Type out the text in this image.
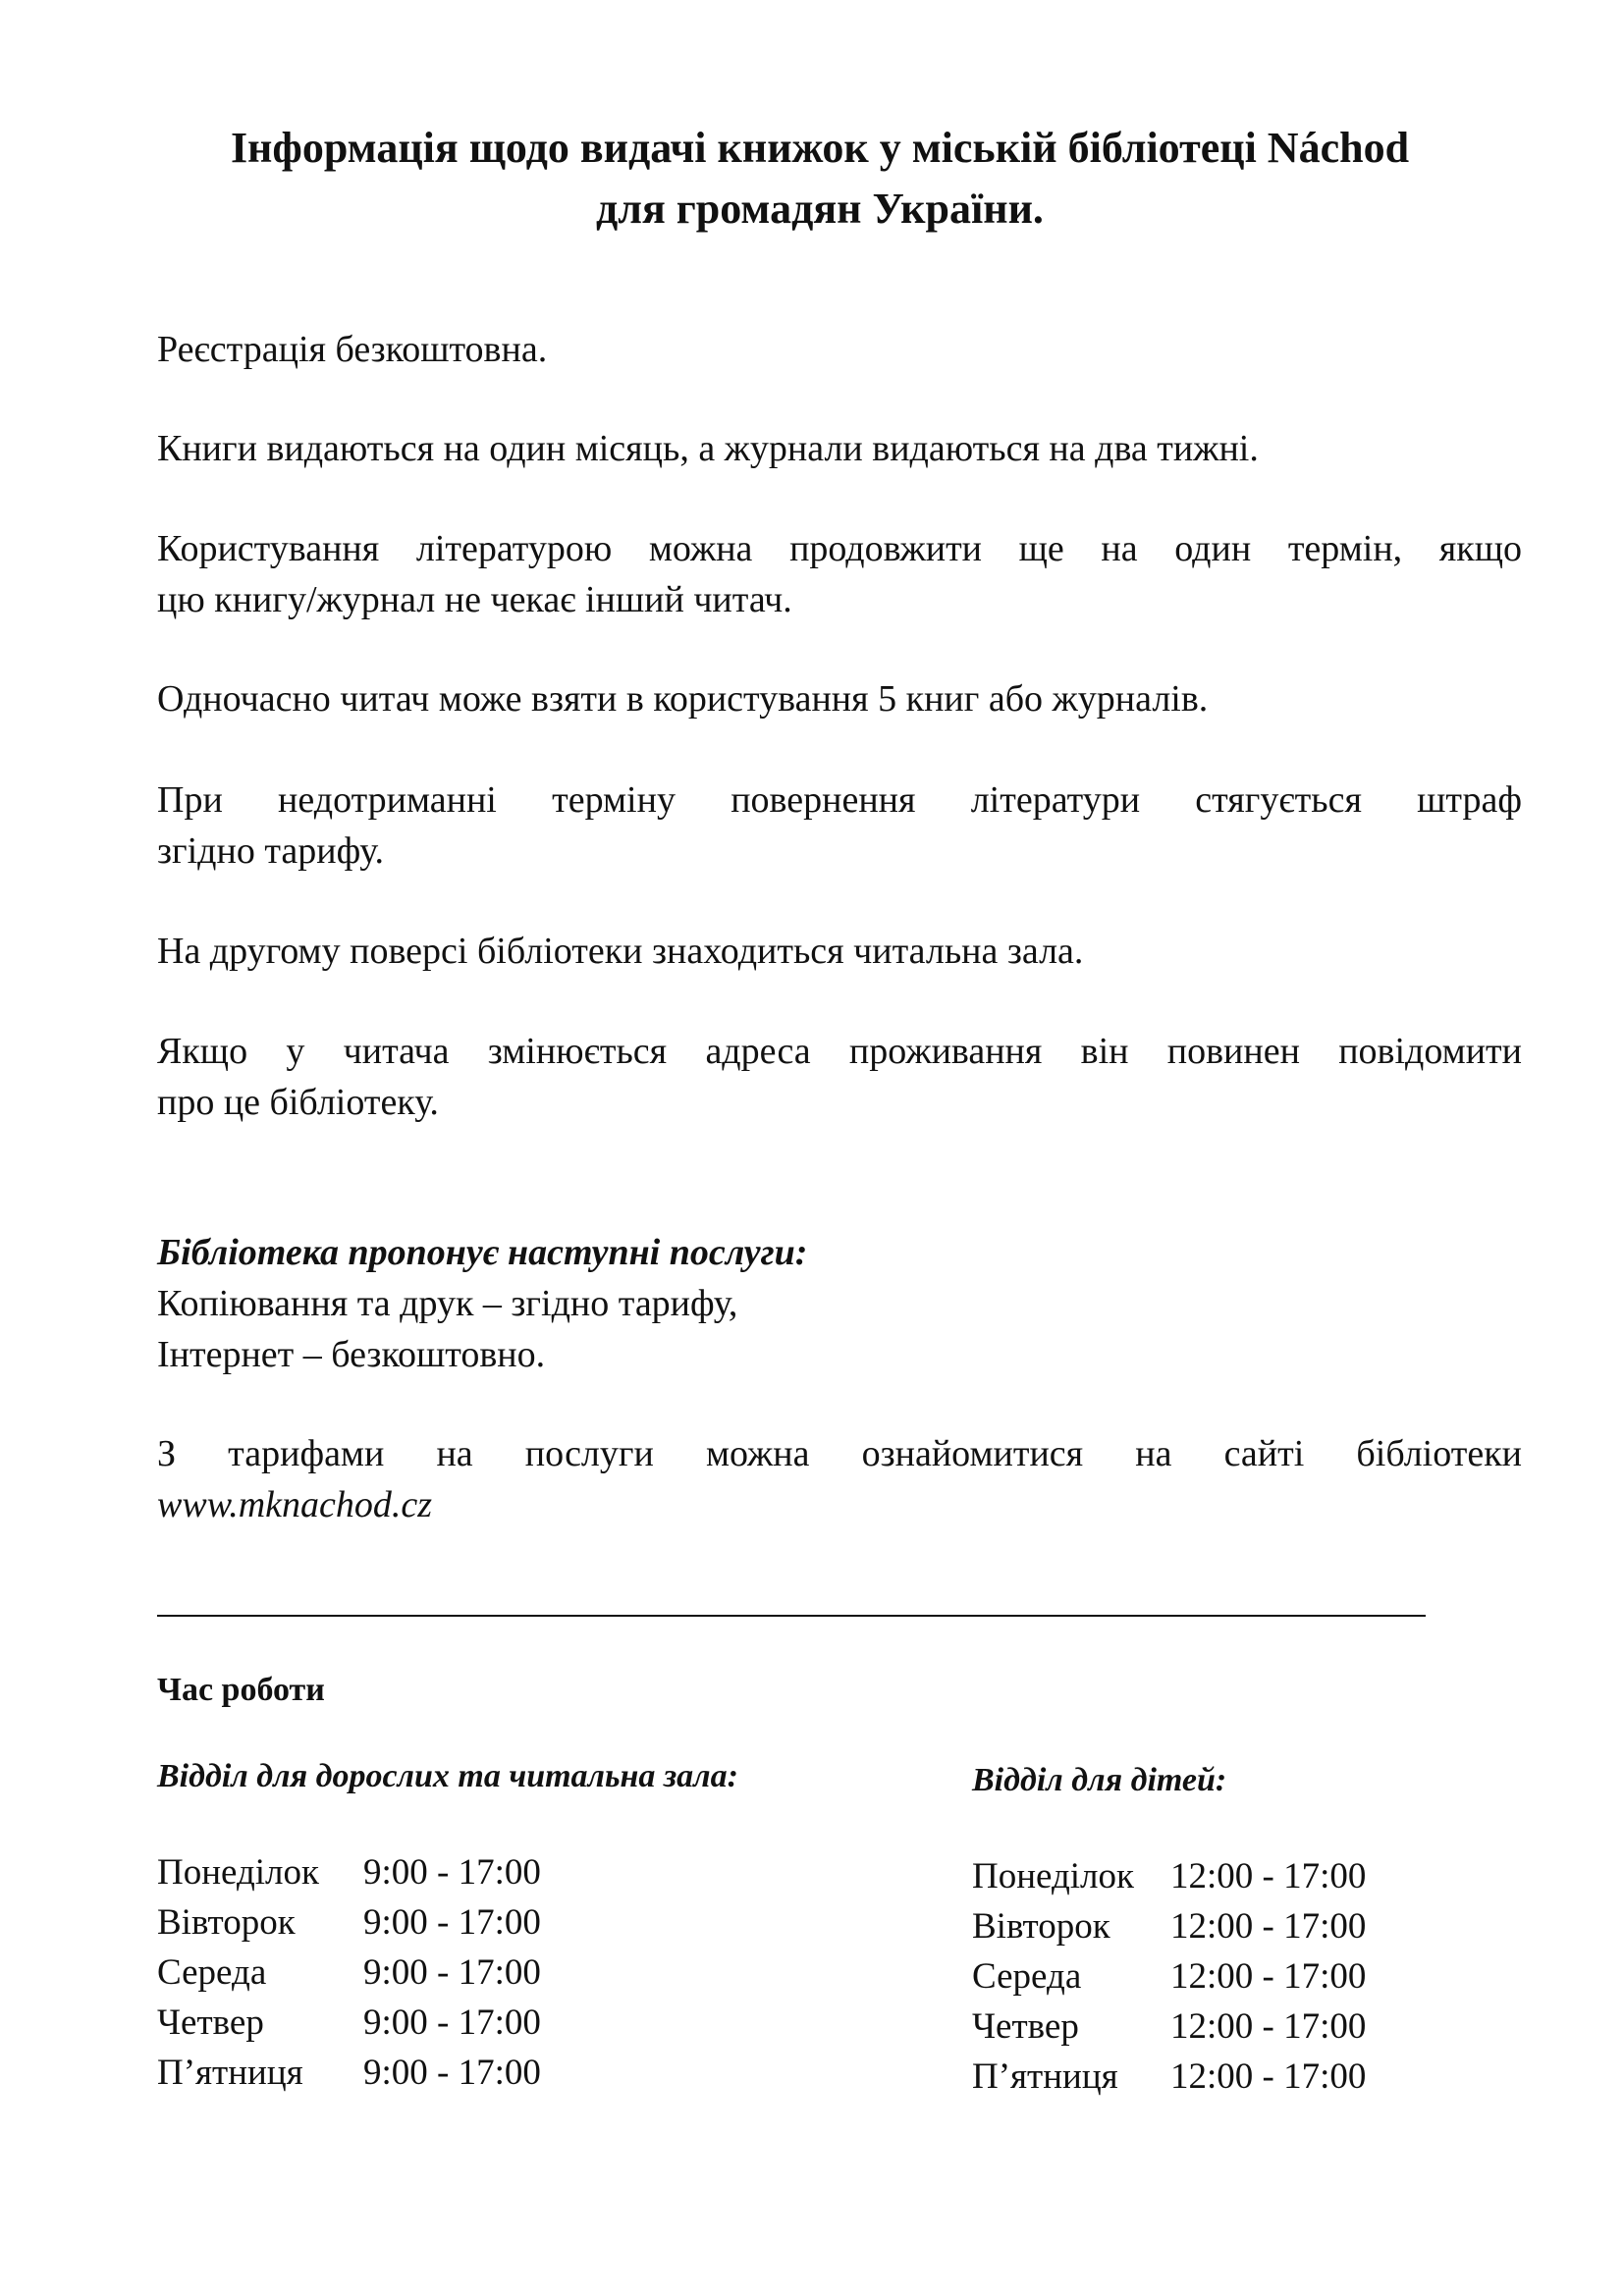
Інформація щодо видачі книжок у міській бібліотеці Náchod
для громадян України.
Реєстрація безкоштовна.
Книги видаються на один місяць, а журнали видаються на два тижні.
Користування літературою можна продовжити ще на один термін, якщо
цю книгу/журнал не чекає інший читач.
Одночасно читач може взяти в користування 5 книг або журналів.
При недотриманні терміну повернення літератури стягується штраф
згідно тарифу.
На другому поверсі бібліотеки знаходиться читальна зала.
Якщо у читача змінюється адреса проживання він повинен повідомити
про це бібліотеку.
Бібліотека пропонує наступні послуги:
Копіювання та друк – згідно тарифу,
Інтернет – безкоштовно.
З тарифами на послуги можна ознайомитися на сайті бібліотеки
www.mknachod.cz
Час роботи
Відділ для дорослих та читальна зала:	Відділ для дітей:
Понеділок	9:00 - 17:00
Вівторок	9:00 - 17:00
Середа	9:00 - 17:00
Четвер	9:00 - 17:00
П’ятниця	9:00 - 17:00
Понеділок 12:00 - 17:00
Вівторок	12:00 - 17:00
Середа	12:00 - 17:00
Четвер	12:00 - 17:00
П’ятниця	12:00 - 17:00
